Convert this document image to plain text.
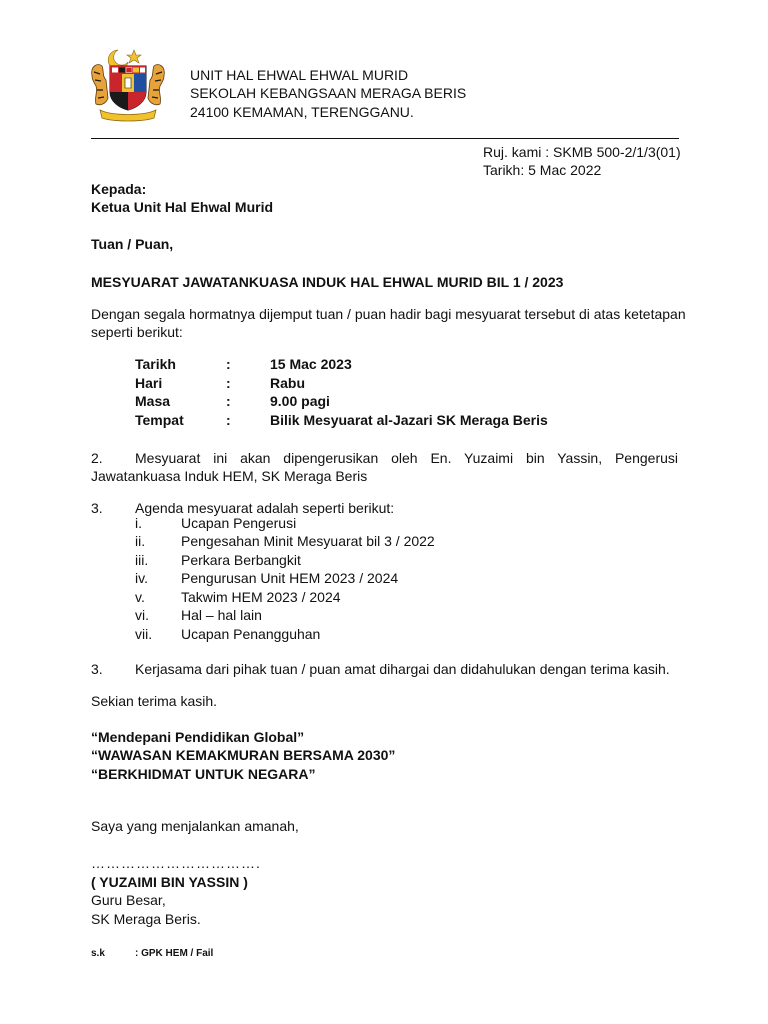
UNIT HAL EHWAL EHWAL MURID
SEKOLAH KEBANGSAAN MERAGA BERIS
24100 KEMAMAN, TERENGGANU.
Ruj. kami : SKMB 500-2/1/3(01)
Tarikh: 5 Mac 2022
Kepada:
Ketua Unit Hal Ehwal Murid
Tuan / Puan,
MESYUARAT JAWATANKUASA INDUK HAL EHWAL MURID BIL 1 / 2023
Dengan segala hormatnya dijemput tuan / puan hadir bagi mesyuarat tersebut di atas ketetapan
seperti berikut:
Tarikh	:	15 Mac 2023
Hari	:	Rabu
Masa	:	9.00 pagi
Tempat	:	Bilik Mesyuarat al-Jazari SK Meraga Beris
2. Mesyuarat ini akan dipengerusikan oleh En. Yuzaimi bin Yassin, Pengerusi
Jawatankuasa Induk HEM, SK Meraga Beris
3. Agenda mesyuarat adalah seperti berikut:
i.	Ucapan Pengerusi
ii.	Pengesahan Minit Mesyuarat bil 3 / 2022
iii. Perkara Berbangkit
iv. Pengurusan Unit HEM 2023 / 2024
v.	Takwim HEM 2023 / 2024
vi. Hal – hal lain
vii. Ucapan Penangguhan
3. Kerjasama dari pihak tuan / puan amat dihargai dan didahulukan dengan terima kasih.
Sekian terima kasih.
“Mendepani Pendidikan Global”
“WAWASAN KEMAKMURAN BERSAMA 2030”
“BERKHIDMAT UNTUK NEGARA”
Saya yang menjalankan amanah,
…………………………….
( YUZAIMI BIN YASSIN )
Guru Besar,
SK Meraga Beris.
s.k	: GPK HEM / Fail
